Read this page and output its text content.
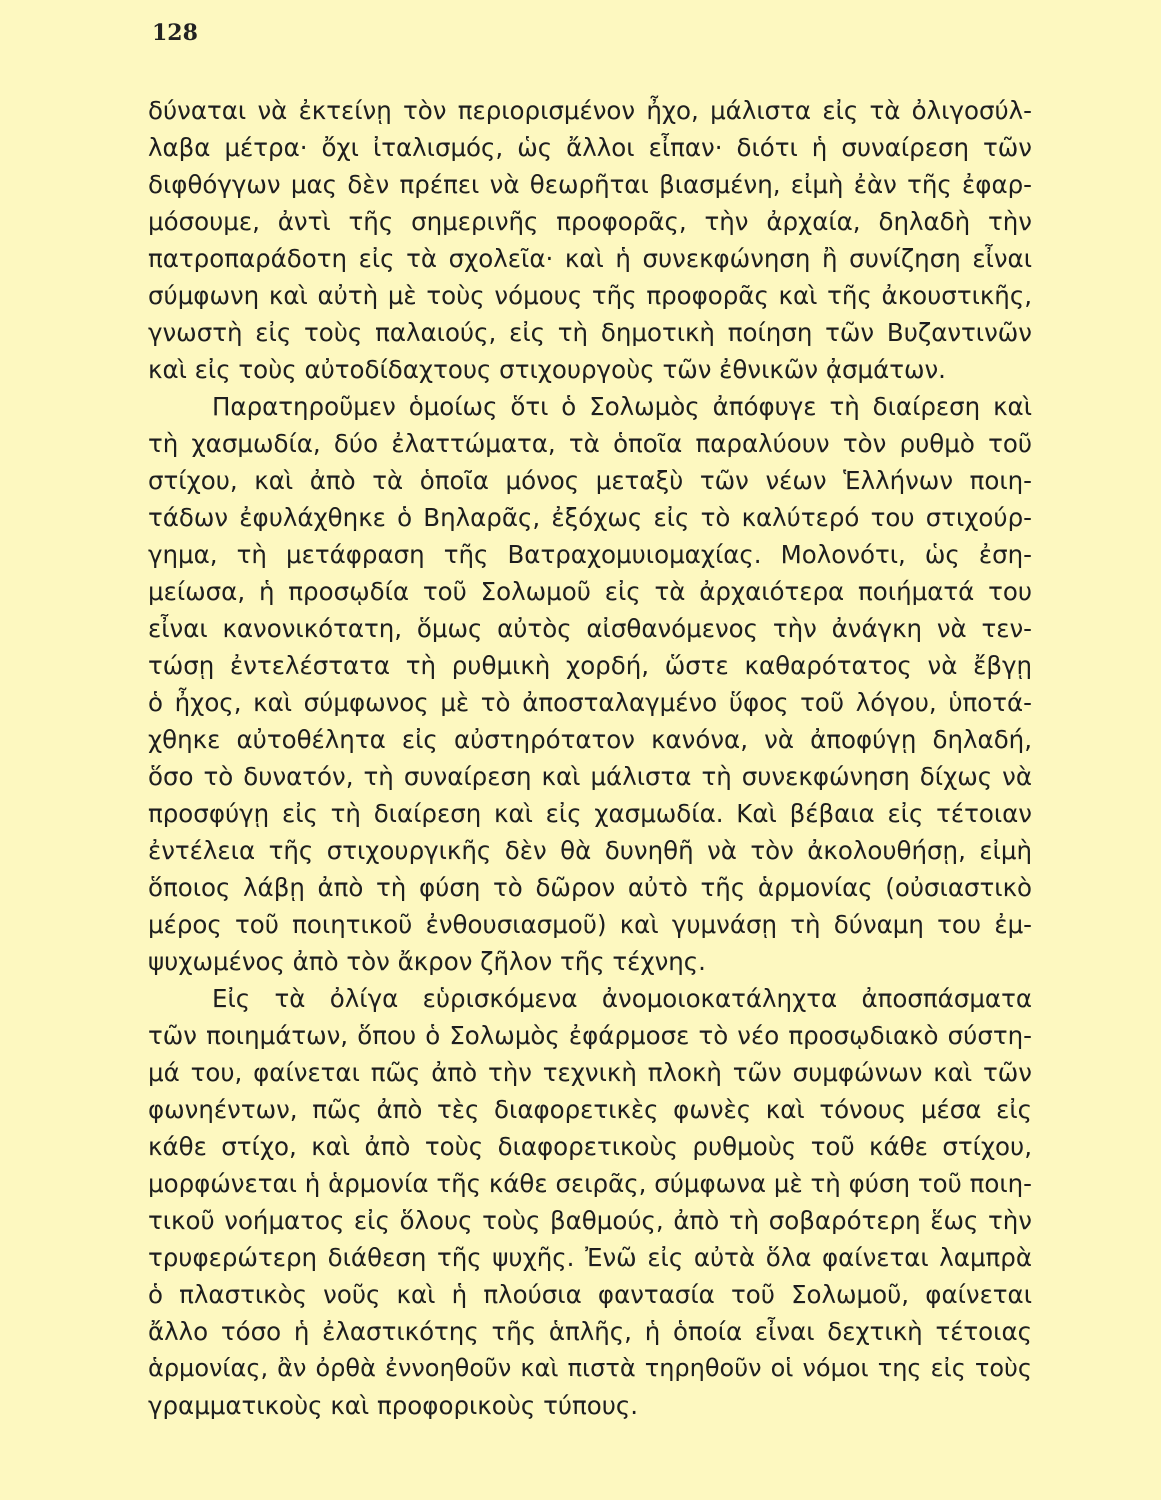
128
δύναται νὰ ἐκτείνῃ τὸν περιορισμένον ἦχο, μάλιστα εἰς τὰ ὀλιγοσύλ-
λαβα μέτρα· ὄχι ἰταλισμός, ὡς ἄλλοι εἶπαν· διότι ἡ συναίρεση τῶν
διφθόγγων μας δὲν πρέπει νὰ θεωρῆται βιασμένη, εἰμὴ ἐὰν τῆς ἐφαρ-
μόσουμε, ἀντὶ τῆς σημερινῆς προφορᾶς, τὴν ἀρχαία, δηλαδὴ τὴν
πατροπαράδοτη εἰς τὰ σχολεῖα· καὶ ἡ συνεκφώνηση ἢ συνίζηση εἶναι
σύμφωνη καὶ αὐτὴ μὲ τοὺς νόμους τῆς προφορᾶς καὶ τῆς ἀκουστικῆς,
γνωστὴ εἰς τοὺς παλαιούς, εἰς τὴ δημοτικὴ ποίηση τῶν Βυζαντινῶν
καὶ εἰς τοὺς αὐτοδίδαχτους στιχουργοὺς τῶν ἐθνικῶν ᾀσμάτων.
Παρατηροῦμεν ὁμοίως ὅτι ὁ Σολωμὸς ἀπόφυγε τὴ διαίρεση καὶ
τὴ χασμωδία, δύο ἐλαττώματα, τὰ ὁποῖα παραλύουν τὸν ρυθμὸ τοῦ
στίχου, καὶ ἀπὸ τὰ ὁποῖα μόνος μεταξὺ τῶν νέων Ἑλλήνων ποιη-
τάδων ἐφυλάχθηκε ὁ Βηλαρᾶς, ἐξόχως εἰς τὸ καλύτερό του στιχούρ-
γημα, τὴ μετάφραση τῆς Βατραχομυιομαχίας. Μολονότι, ὡς ἐση-
μείωσα, ἡ προσῳδία τοῦ Σολωμοῦ εἰς τὰ ἀρχαιότερα ποιήματά του
εἶναι κανονικότατη, ὅμως αὐτὸς αἰσθανόμενος τὴν ἀνάγκη νὰ τεν-
τώσῃ ἐντελέστατα τὴ ρυθμικὴ χορδή, ὥστε καθαρότατος νὰ ἔβγῃ
ὁ ἦχος, καὶ σύμφωνος μὲ τὸ ἀποσταλαγμένο ὕφος τοῦ λόγου, ὑποτά-
χθηκε αὐτοθέλητα εἰς αὐστηρότατον κανόνα, νὰ ἀποφύγῃ δηλαδή,
ὅσο τὸ δυνατόν, τὴ συναίρεση καὶ μάλιστα τὴ συνεκφώνηση δίχως νὰ
προσφύγῃ εἰς τὴ διαίρεση καὶ εἰς χασμωδία. Καὶ βέβαια εἰς τέτοιαν
ἐντέλεια τῆς στιχουργικῆς δὲν θὰ δυνηθῆ νὰ τὸν ἀκολουθήσῃ, εἰμὴ
ὅποιος λάβῃ ἀπὸ τὴ φύση τὸ δῶρον αὐτὸ τῆς ἁρμονίας (οὐσιαστικὸ
μέρος τοῦ ποιητικοῦ ἐνθουσιασμοῦ) καὶ γυμνάσῃ τὴ δύναμη του ἐμ-
ψυχωμένος ἀπὸ τὸν ἄκρον ζῆλον τῆς τέχνης.
Εἰς τὰ ὀλίγα εὑρισκόμενα ἀνομοιοκατάληχτα ἀποσπάσματα
τῶν ποιημάτων, ὅπου ὁ Σολωμὸς ἐφάρμοσε τὸ νέο προσῳδιακὸ σύστη-
μά του, φαίνεται πῶς ἀπὸ τὴν τεχνικὴ πλοκὴ τῶν συμφώνων καὶ τῶν
φωνηέντων, πῶς ἀπὸ τὲς διαφορετικὲς φωνὲς καὶ τόνους μέσα εἰς
κάθε στίχο, καὶ ἀπὸ τοὺς διαφορετικοὺς ρυθμοὺς τοῦ κάθε στίχου,
μορφώνεται ἡ ἁρμονία τῆς κάθε σειρᾶς, σύμφωνα μὲ τὴ φύση τοῦ ποιη-
τικοῦ νοήματος εἰς ὅλους τοὺς βαθμούς, ἀπὸ τὴ σοβαρότερη ἕως τὴν
τρυφερώτερη διάθεση τῆς ψυχῆς. Ἐνῶ εἰς αὐτὰ ὅλα φαίνεται λαμπρὰ
ὁ πλαστικὸς νοῦς καὶ ἡ πλούσια φαντασία τοῦ Σολωμοῦ, φαίνεται
ἄλλο τόσο ἡ ἐλαστικότης τῆς ἁπλῆς, ἡ ὁποία εἶναι δεχτικὴ τέτοιας
ἁρμονίας, ἂν ὀρθὰ ἐννοηθοῦν καὶ πιστὰ τηρηθοῦν οἱ νόμοι της εἰς τοὺς
γραμματικοὺς καὶ προφορικοὺς τύπους.
